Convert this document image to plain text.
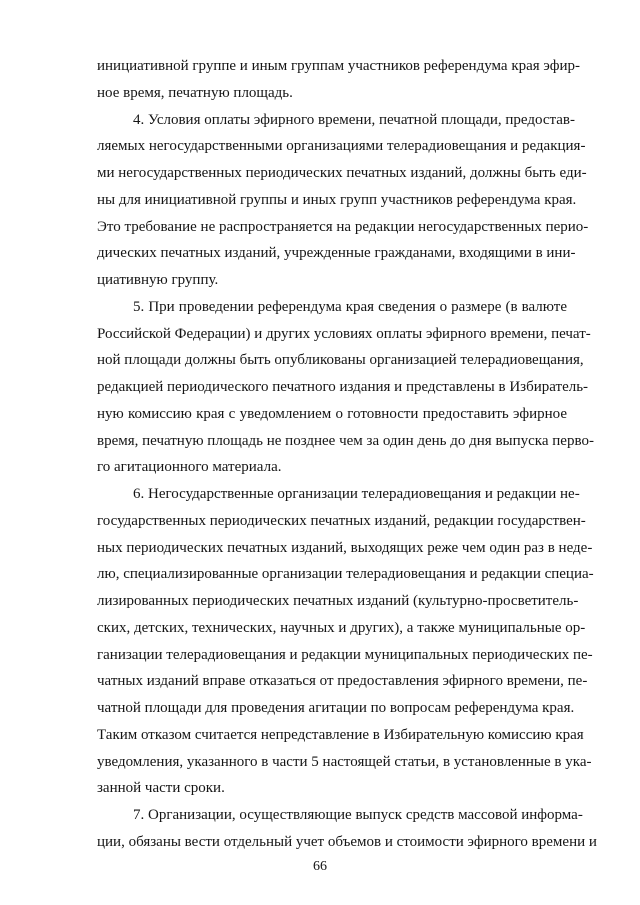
инициативной группе и иным группам участников референдума края эфир-
ное время, печатную площадь.
4. Условия оплаты эфирного времени, печатной площади, предостав-
ляемых негосударственными организациями телерадиовещания и редакция-
ми негосударственных периодических печатных изданий, должны быть еди-
ны для инициативной группы и иных групп участников референдума края.
Это требование не распространяется на редакции негосударственных перио-
дических печатных изданий, учрежденные гражданами, входящими в ини-
циативную группу.
5. При проведении референдума края сведения о размере (в валюте
Российской Федерации) и других условиях оплаты эфирного времени, печат-
ной площади должны быть опубликованы организацией телерадиовещания,
редакцией периодического печатного издания и представлены в Избиратель-
ную комиссию края с уведомлением о готовности предоставить эфирное
время, печатную площадь не позднее чем за один день до дня выпуска перво-
го агитационного материала.
6. Негосударственные организации телерадиовещания и редакции не-
государственных периодических печатных изданий, редакции государствен-
ных периодических печатных изданий, выходящих реже чем один раз в неде-
лю, специализированные организации телерадиовещания и редакции специа-
лизированных периодических печатных изданий (культурно-просветитель-
ских, детских, технических, научных и других), а также муниципальные ор-
ганизации телерадиовещания и редакции муниципальных периодических пе-
чатных изданий вправе отказаться от предоставления эфирного времени, пе-
чатной площади для проведения агитации по вопросам референдума края.
Таким отказом считается непредставление в Избирательную комиссию края
уведомления, указанного в части 5 настоящей статьи, в установленные в ука-
занной части сроки.
7. Организации, осуществляющие выпуск средств массовой информа-
ции, обязаны вести отдельный учет объемов и стоимости эфирного времени и
66
